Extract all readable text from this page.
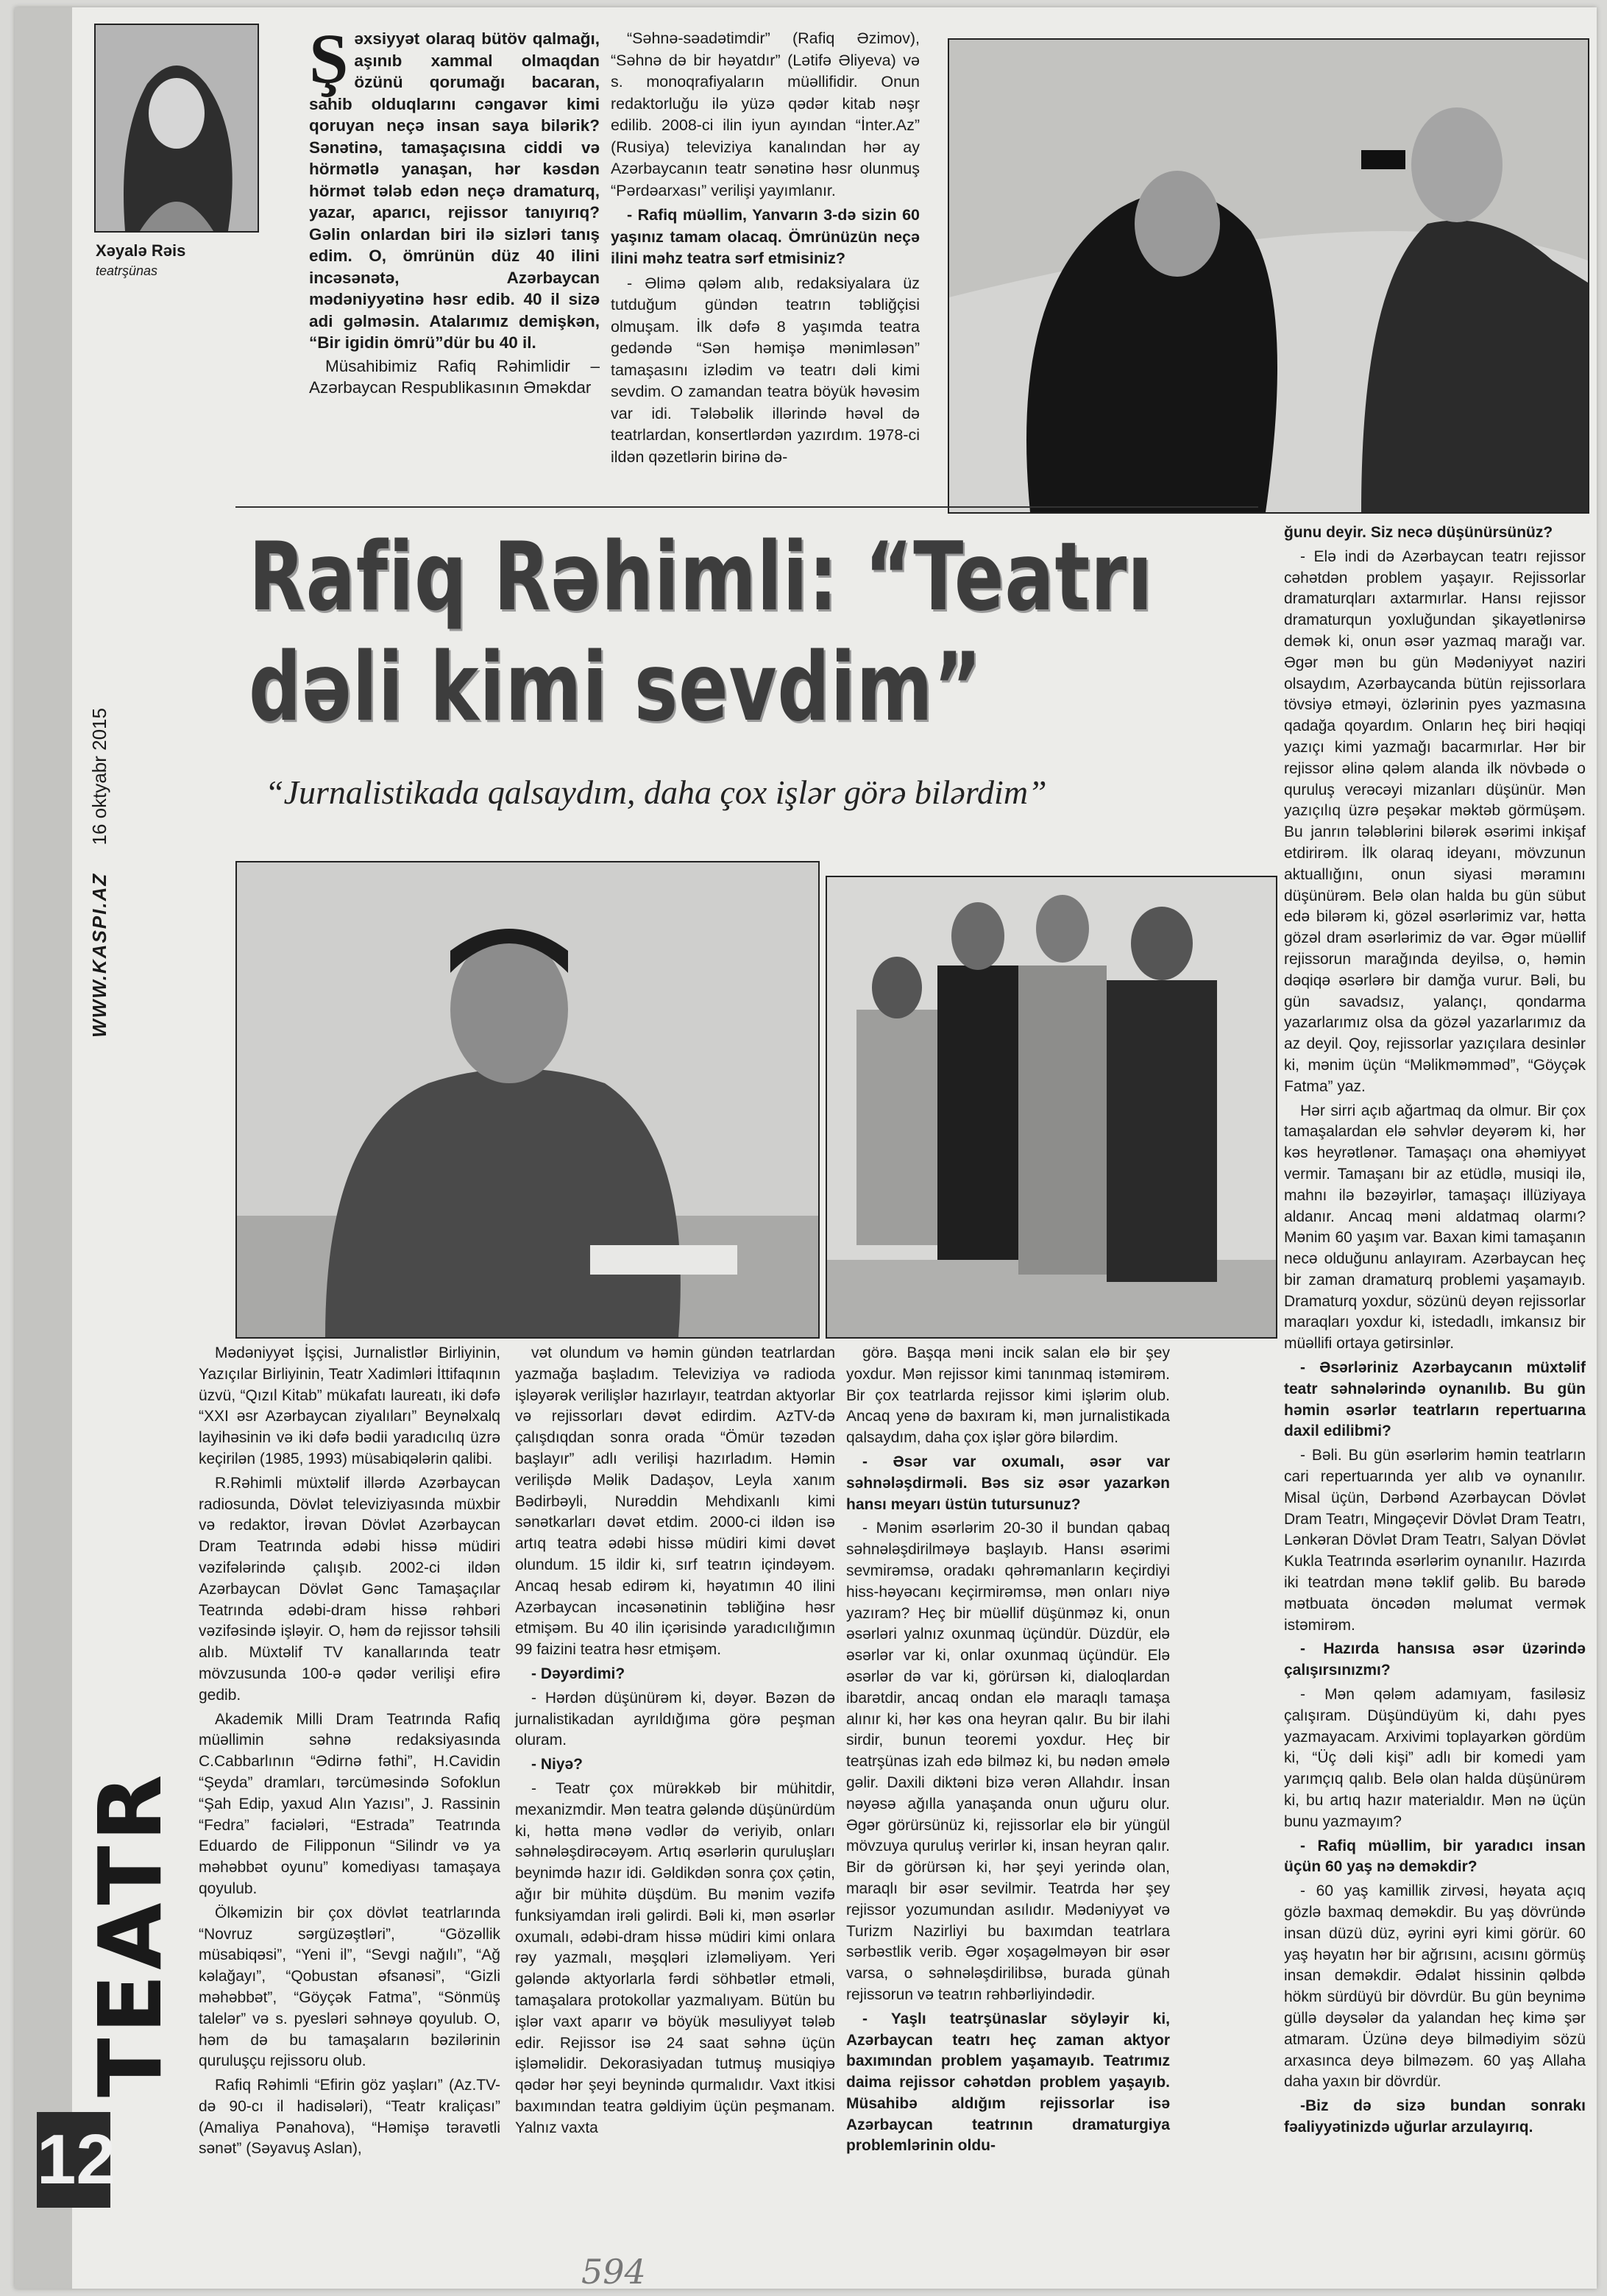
WWW.KASPI.AZ 16 oktyabr 2015
TEATR
12
Xəyalə Rəis
teatrşünas
Şəxsiyyət olaraq bütöv qalmağı, aşınıb xammal olmaqdan özünü qorumağı bacaran, sahib olduqlarını cəngavər kimi qoruyan neçə insan saya bilərik? Sənətinə, tamaşaçısına ciddi və hörmətlə yanaşan, hər kəsdən hörmət tələb edən neçə dramaturq, yazar, aparıcı, rejissor tanıyırıq? Gəlin onlardan biri ilə sizləri tanış edim. O, ömrünün düz 40 ilini incəsənətə, Azərbaycan mədəniyyətinə həsr edib. 40 il sizə adi gəlməsin. Atalarımız demişkən, “Bir igidin ömrü”dür bu 40 il.
Müsahibimiz Rafiq Rəhimlidir – Azərbaycan Respublikasının Əməkdar

“Səhnə-səadətimdir” (Rafiq Əzimov), “Səhnə də bir həyatdır” (Lətifə Əliyeva) və s. monoqrafiyaların müəllifidir. Onun redaktorluğu ilə yüzə qədər kitab nəşr edilib. 2008-ci ilin iyun ayından “İnter.Az” (Rusiya) televiziya kanalından hər ay Azərbaycanın teatr sənətinə həsr olunmuş “Pərdəarxası” verilişi yayımlanır.

- Rafiq müəllim, Yanvarın 3-də sizin 60 yaşınız tamam olacaq. Ömrünüzün neçə ilini məhz teatra sərf etmisiniz?

- Əlimə qələm alıb, redaksiyalara üz tutduğum gündən teatrın təbliğçisi olmuşam. İlk dəfə 8 yaşımda teatra gedəndə “Sən həmişə mənimləsən” tamaşasını izlədim və teatrı dəli kimi sevdim. O zamandan teatra böyük həvəsim var idi. Tələbəlik illərində həvəl də teatrlardan, konsertlərdən yazırdım. 1978-ci ildən qəzetlərin birinə də-

Rafiq Rəhimli: “Teatrı
dəli kimi sevdim”
“Jurnalistikada qalsaydım, daha çox işlər görə bilərdim”

ğunu deyir. Siz necə düşünürsünüz?

- Elə indi də Azərbaycan teatrı rejissor cəhətdən problem yaşayır. Rejissorlar dramaturqları axtarmırlar. Hansı rejissor dramaturqun yoxluğundan şikayətlənirsə demək ki, onun əsər yazmaq marağı var. Əgər mən bu gün Mədəniyyət naziri olsaydım, Azərbaycanda bütün rejissorlara tövsiyə etməyi, özlərinin pyes yazmasına qadağa qoyardım. Onların heç biri həqiqi yazıçı kimi yazmağı bacarmırlar. Hər bir rejissor əlinə qələm alanda ilk növbədə o quruluş verəcəyi mizanları düşünür. Mən yazıçılıq üzrə peşəkar məktəb görmüşəm. Bu janrın tələblərini bilərək əsərimi inkişaf etdirirəm. İlk olaraq ideyanı, mövzunun aktuallığını, onun siyasi məramını düşünürəm. Belə olan halda bu gün sübut edə bilərəm ki, gözəl əsərlərimiz var, hətta gözəl dram əsərlərimiz də var. Əgər müəllif rejissorun marağında deyilsə, o, həmin dəqiqə əsərlərə bir damğa vurur. Bəli, bu gün savadsız, yalançı, qondarma yazarlarımız olsa da gözəl yazarlarımız da az deyil. Qoy, rejissorlar yazıçılara desinlər ki, mənim üçün “Məlikməmməd”, “Göyçək Fatma” yaz.

Hər sirri açıb ağartmaq da olmur. Bir çox tamaşalardan elə səhvlər deyərəm ki, hər kəs heyrətlənər. Tamaşaçı ona əhəmiyyət vermir. Tamaşanı bir az etüdlə, musiqi ilə, mahnı ilə bəzəyirlər, tamaşaçı illüziyaya aldanır. Ancaq məni aldatmaq olarmı? Mənim 60 yaşım var. Baxan kimi tamaşanın necə olduğunu anlayıram. Azərbaycan heç bir zaman dramaturq problemi yaşamayıb. Dramaturq yoxdur, sözünü deyən rejissorlar maraqları yoxdur ki, istedadlı, imkansız bir müəllifi ortaya gətirsinlər.

- Əsərləriniz Azərbaycanın müxtəlif teatr səhnələrində oynanılıb. Bu gün həmin əsərlər teatrların repertuarına daxil edilibmi?

- Bəli. Bu gün əsərlərim həmin teatrların cari repertuarında yer alıb və oynanılır. Misal üçün, Dərbənd Azərbaycan Dövlət Dram Teatrı, Mingəçevir Dövlət Dram Teatrı, Lənkəran Dövlət Dram Teatrı, Salyan Dövlət Kukla Teatrında əsərlərim oynanılır. Hazırda iki teatrdan mənə təklif gəlib. Bu barədə mətbuata öncədən məlumat vermək istəmirəm.

- Hazırda hansısa əsər üzərində çalışırsınızmı?

- Mən qələm adamıyam, fasiləsiz çalışıram. Düşündüyüm ki, dahı pyes yazmayacam. Arxivimi toplayarkən gördüm ki, “Üç dəli kişi” adlı bir komedi yam yarımçıq qalıb. Belə olan halda düşünürəm ki, bu artıq hazır materialdır. Mən nə üçün bunu yazmayım?

- Rafiq müəllim, bir yaradıcı insan üçün 60 yaş nə deməkdir?

- 60 yaş kamillik zirvəsi, həyata açıq gözlə baxmaq deməkdir. Bu yaş dövründə insan düzü düz, əyrini əyri kimi görür. 60 yaş həyatın hər bir ağrısını, acısını görmüş insan deməkdir. Ədalət hissinin qəlbdə hökm sürdüyü bir dövrdür. Bu gün beynimə güllə dəysələr da yalandan heç kimə şər atmaram. Üzünə deyə bilmədiyim sözü arxasınca deyə bilməzəm. 60 yaş Allaha daha yaxın bir dövrdür.

-Biz də sizə bundan sonrakı fəaliyyətinizdə uğurlar arzulayırıq.

Mədəniyyət İşçisi, Jurnalistlər Birliyinin, Yazıçılar Birliyinin, Teatr Xadimləri İttifaqının üzvü, “Qızıl Kitab” mükafatı laureatı, iki dəfə “XXI əsr Azərbaycan ziyalıları” Beynəlxalq layihəsinin və iki dəfə bədii yaradıcılıq üzrə keçirilən (1985, 1993) müsabiqələrin qalibi.

R.Rəhimli müxtəlif illərdə Azərbaycan radiosunda, Dövlət televiziyasında müxbir və redaktor, İrəvan Dövlət Azərbaycan Dram Teatrında ədəbi hissə müdiri vəzifələrində çalışıb. 2002-ci ildən Azərbaycan Dövlət Gənc Tamaşaçılar Teatrında ədəbi-dram hissə rəhbəri vəzifəsində işləyir. O, həm də rejissor təhsili alıb. Müxtəlif TV kanallarında teatr mövzusunda 100-ə qədər verilişi efirə gedib.

Akademik Milli Dram Teatrında Rafiq müəllimin səhnə redaksiyasında C.Cabbarlının “Ədirnə fəthi”, H.Cavidin “Şeyda” dramları, tərcüməsində Sofoklun “Şah Edip, yaxud Alın Yazısı”, J. Rassinin “Fedra” faciələri, “Estrada” Teatrında Eduardo de Filipponun “Silindr və ya məhəbbət oyunu” komediyası tamaşaya qoyulub.

Ölkəmizin bir çox dövlət teatrlarında “Novruz sərgüzəştləri”, “Gözəllik müsabiqəsi”, “Yeni il”, “Sevgi nağılı”, “Ağ kəlağayı”, “Qobustan əfsanəsi”, “Gizli məhəbbət”, “Göyçək Fatma”, “Sönmüş talelər” və s. pyesləri səhnəyə qoyulub. O, həm də bu tamaşaların bəzilərinin quruluşçu rejissoru olub.

Rafiq Rəhimli “Efirin göz yaşları” (Az.TV-də 90-cı il hadisələri), “Teatr kraliçası” (Amaliya Pənahova), “Həmişə təravətli sənət” (Səyavuş Aslan),

vət olundum və həmin gündən teatrlardan yazmağa başladım. Televiziya və radioda işləyərək verilişlər hazırlayır, teatrdan aktyorlar və rejissorları dəvət edirdim. AzTV-də çalışdıqdan sonra orada “Ömür təzədən başlayır” adlı verilişi hazırladım. Həmin verilişdə Məlik Dadaşov, Leyla xanım Bədirbəyli, Nurəddin Mehdixanlı kimi sənətkarları dəvət etdim. 2000-ci ildən isə artıq teatra ədəbi hissə müdiri kimi dəvət olundum. 15 ildir ki, sırf teatrın içindəyəm. Ancaq hesab edirəm ki, həyatımın 40 ilini Azərbaycan incəsənətinin təbliğinə həsr etmişəm. Bu 40 ilin içərisində yaradıcılığımın 99 faizini teatra həsr etmişəm.

- Dəyərdimi?

- Hərdən düşünürəm ki, dəyər. Bəzən də jurnalistikadan ayrıldığıma görə peşman oluram.

- Niyə?

- Teatr çox mürəkkəb bir mühitdir, mexanizmdir. Mən teatra gələndə düşünürdüm ki, hətta mənə vədlər də veriyib, onları səhnələşdirəcəyəm. Artıq əsərlərin quruluşları beynimdə hazır idi. Gəldikdən sonra çox çətin, ağır bir mühitə düşdüm. Bu mənim vəzifə funksiyamdan irəli gəlirdi. Bəli ki, mən əsərlər oxumalı, ədəbi-dram hissə müdiri kimi onlara rəy yazmalı, məşqləri izləməliyəm. Yeri gələndə aktyorlarla fərdi söhbətlər etməli, tamaşalara protokollar yazmalıyam. Bütün bu işlər vaxt aparır və böyük məsuliyyət tələb edir. Rejissor isə 24 saat səhnə üçün işləməlidir. Dekorasiyadan tutmuş musiqiyə qədər hər şeyi beynində qurmalıdır. Vaxt itkisi baxımından teatra gəldiyim üçün peşmanam. Yalnız vaxta

görə. Başqa məni incik salan elə bir şey yoxdur. Mən rejissor kimi tanınmaq istəmirəm. Bir çox teatrlarda rejissor kimi işlərim olub. Ancaq yenə də baxıram ki, mən jurnalistikada qalsaydım, daha çox işlər görə bilərdim.

- Əsər var oxumalı, əsər var səhnələşdirməli. Bəs siz əsər yazarkən hansı meyarı üstün tutursunuz?

- Mənim əsərlərim 20-30 il bundan qabaq səhnələşdirilməyə başlayıb. Hansı əsərimi sevmirəmsə, oradakı qəhrəmanların keçirdiyi hiss-həyəcanı keçirmirəmsə, mən onları niyə yazıram? Heç bir müəllif düşünməz ki, onun əsərləri yalnız oxunmaq üçündür. Düzdür, elə əsərlər var ki, onlar oxunmaq üçündür. Elə əsərlər də var ki, görürsən ki, dialoqlardan ibarətdir, ancaq ondan elə maraqlı tamaşa alınır ki, hər kəs ona heyran qalır. Bu bir ilahi sirdir, bunun teoremi yoxdur. Heç bir teatrşünas izah edə bilməz ki, bu nədən əmələ gəlir. Daxili diktəni bizə verən Allahdır. İnsan nəyəsə ağılla yanaşanda onun uğuru olur. Əgər görürsünüz ki, rejissorlar elə bir yüngül mövzuya quruluş verirlər ki, insan heyran qalır. Bir də görürsən ki, hər şeyi yerində olan, maraqlı bir əsər sevilmir. Teatrda hər şey rejissor yozumundan asılıdır. Mədəniyyət və Turizm Nazirliyi bu baxımdan teatrlara sərbəstlik verib. Əgər xoşagəlməyən bir əsər varsa, o səhnələşdirilibsə, burada günah rejissorun və teatrın rəhbərliyindədir.

- Yaşlı teatrşünaslar söyləyir ki, Azərbaycan teatrı heç zaman aktyor baxımından problem yaşamayıb. Teatrımız daima rejissor cəhətdən problem yaşayıb. Müsahibə aldığım rejissorlar isə Azərbaycan teatrının dramaturgiya problemlərinin oldu-

594
